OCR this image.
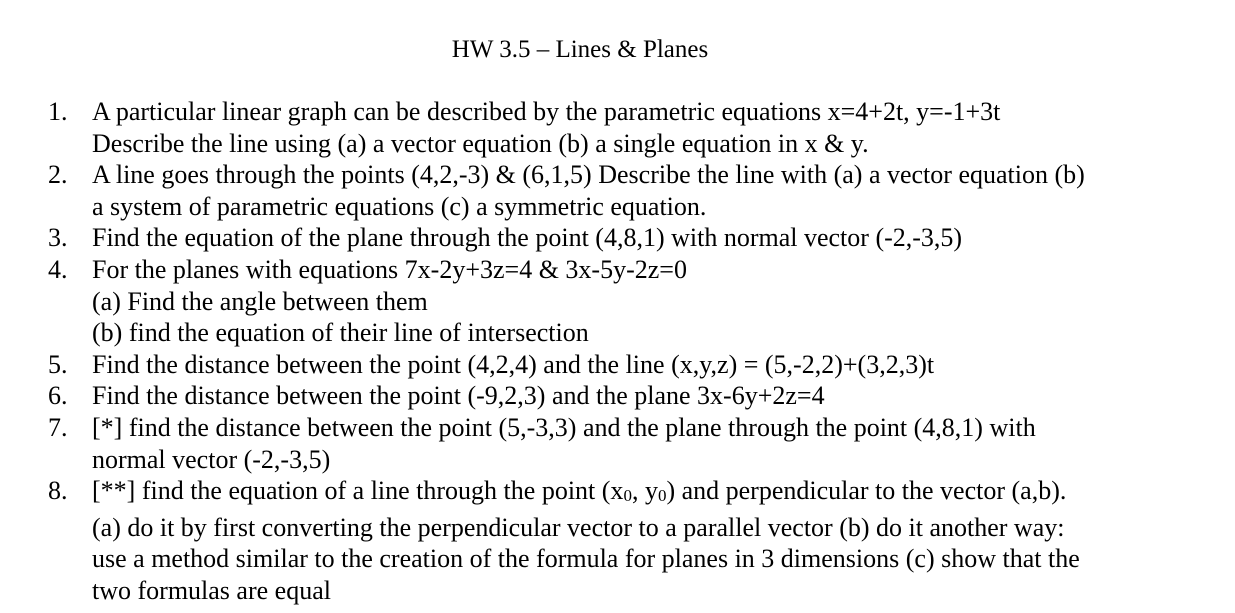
HW 3.5 – Lines & Planes
1. A particular linear graph can be described by the parametric equations x=4+2t, y=-1+3t
Describe the line using (a) a vector equation (b) a single equation in x & y.
2. A line goes through the points (4,2,-3) & (6,1,5) Describe the line with (a) a vector equation (b)
a system of parametric equations (c) a symmetric equation.
3. Find the equation of the plane through the point (4,8,1) with normal vector (-2,-3,5)
4. For the planes with equations 7x-2y+3z=4 & 3x-5y-2z=0
(a) Find the angle between them
(b) find the equation of their line of intersection
5. Find the distance between the point (4,2,4) and the line (x,y,z) = (5,-2,2)+(3,2,3)t
6. Find the distance between the point (-9,2,3) and the plane 3x-6y+2z=4
7. [*] find the distance between the point (5,-3,3) and the plane through the point (4,8,1) with
normal vector (-2,-3,5)
8. [**] find the equation of a line through the point (x0, y0) and perpendicular to the vector (a,b).
(a) do it by first converting the perpendicular vector to a parallel vector (b) do it another way:
use a method similar to the creation of the formula for planes in 3 dimensions (c) show that the
two formulas are equal
